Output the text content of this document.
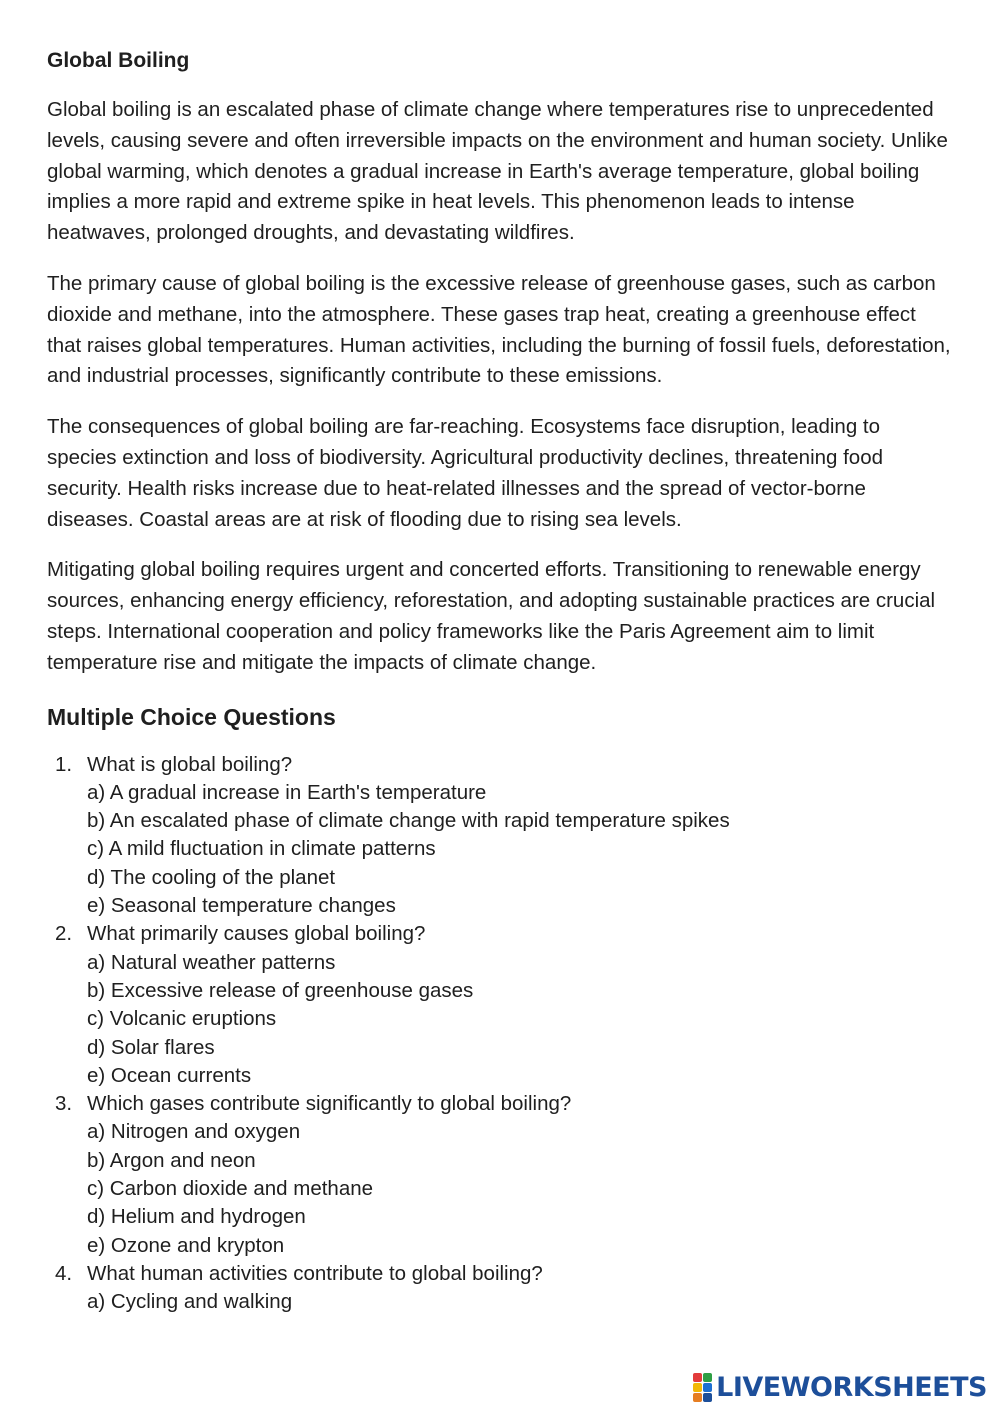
Global Boiling

Global boiling is an escalated phase of climate change where temperatures rise to unprecedented levels, causing severe and often irreversible impacts on the environment and human society. Unlike global warming, which denotes a gradual increase in Earth's average temperature, global boiling implies a more rapid and extreme spike in heat levels. This phenomenon leads to intense heatwaves, prolonged droughts, and devastating wildfires.

The primary cause of global boiling is the excessive release of greenhouse gases, such as carbon dioxide and methane, into the atmosphere. These gases trap heat, creating a greenhouse effect that raises global temperatures. Human activities, including the burning of fossil fuels, deforestation, and industrial processes, significantly contribute to these emissions.

The consequences of global boiling are far-reaching. Ecosystems face disruption, leading to species extinction and loss of biodiversity. Agricultural productivity declines, threatening food security. Health risks increase due to heat-related illnesses and the spread of vector-borne diseases. Coastal areas are at risk of flooding due to rising sea levels.

Mitigating global boiling requires urgent and concerted efforts. Transitioning to renewable energy sources, enhancing energy efficiency, reforestation, and adopting sustainable practices are crucial steps. International cooperation and policy frameworks like the Paris Agreement aim to limit temperature rise and mitigate the impacts of climate change.

Multiple Choice Questions
1. What is global boiling?
a) A gradual increase in Earth's temperature
b) An escalated phase of climate change with rapid temperature spikes
c) A mild fluctuation in climate patterns
d) The cooling of the planet
e) Seasonal temperature changes
2. What primarily causes global boiling?
a) Natural weather patterns
b) Excessive release of greenhouse gases
c) Volcanic eruptions
d) Solar flares
e) Ocean currents
3. Which gases contribute significantly to global boiling?
a) Nitrogen and oxygen
b) Argon and neon
c) Carbon dioxide and methane
d) Helium and hydrogen
e) Ozone and krypton
4. What human activities contribute to global boiling?
a) Cycling and walking
LIVEWORKSHEETS
